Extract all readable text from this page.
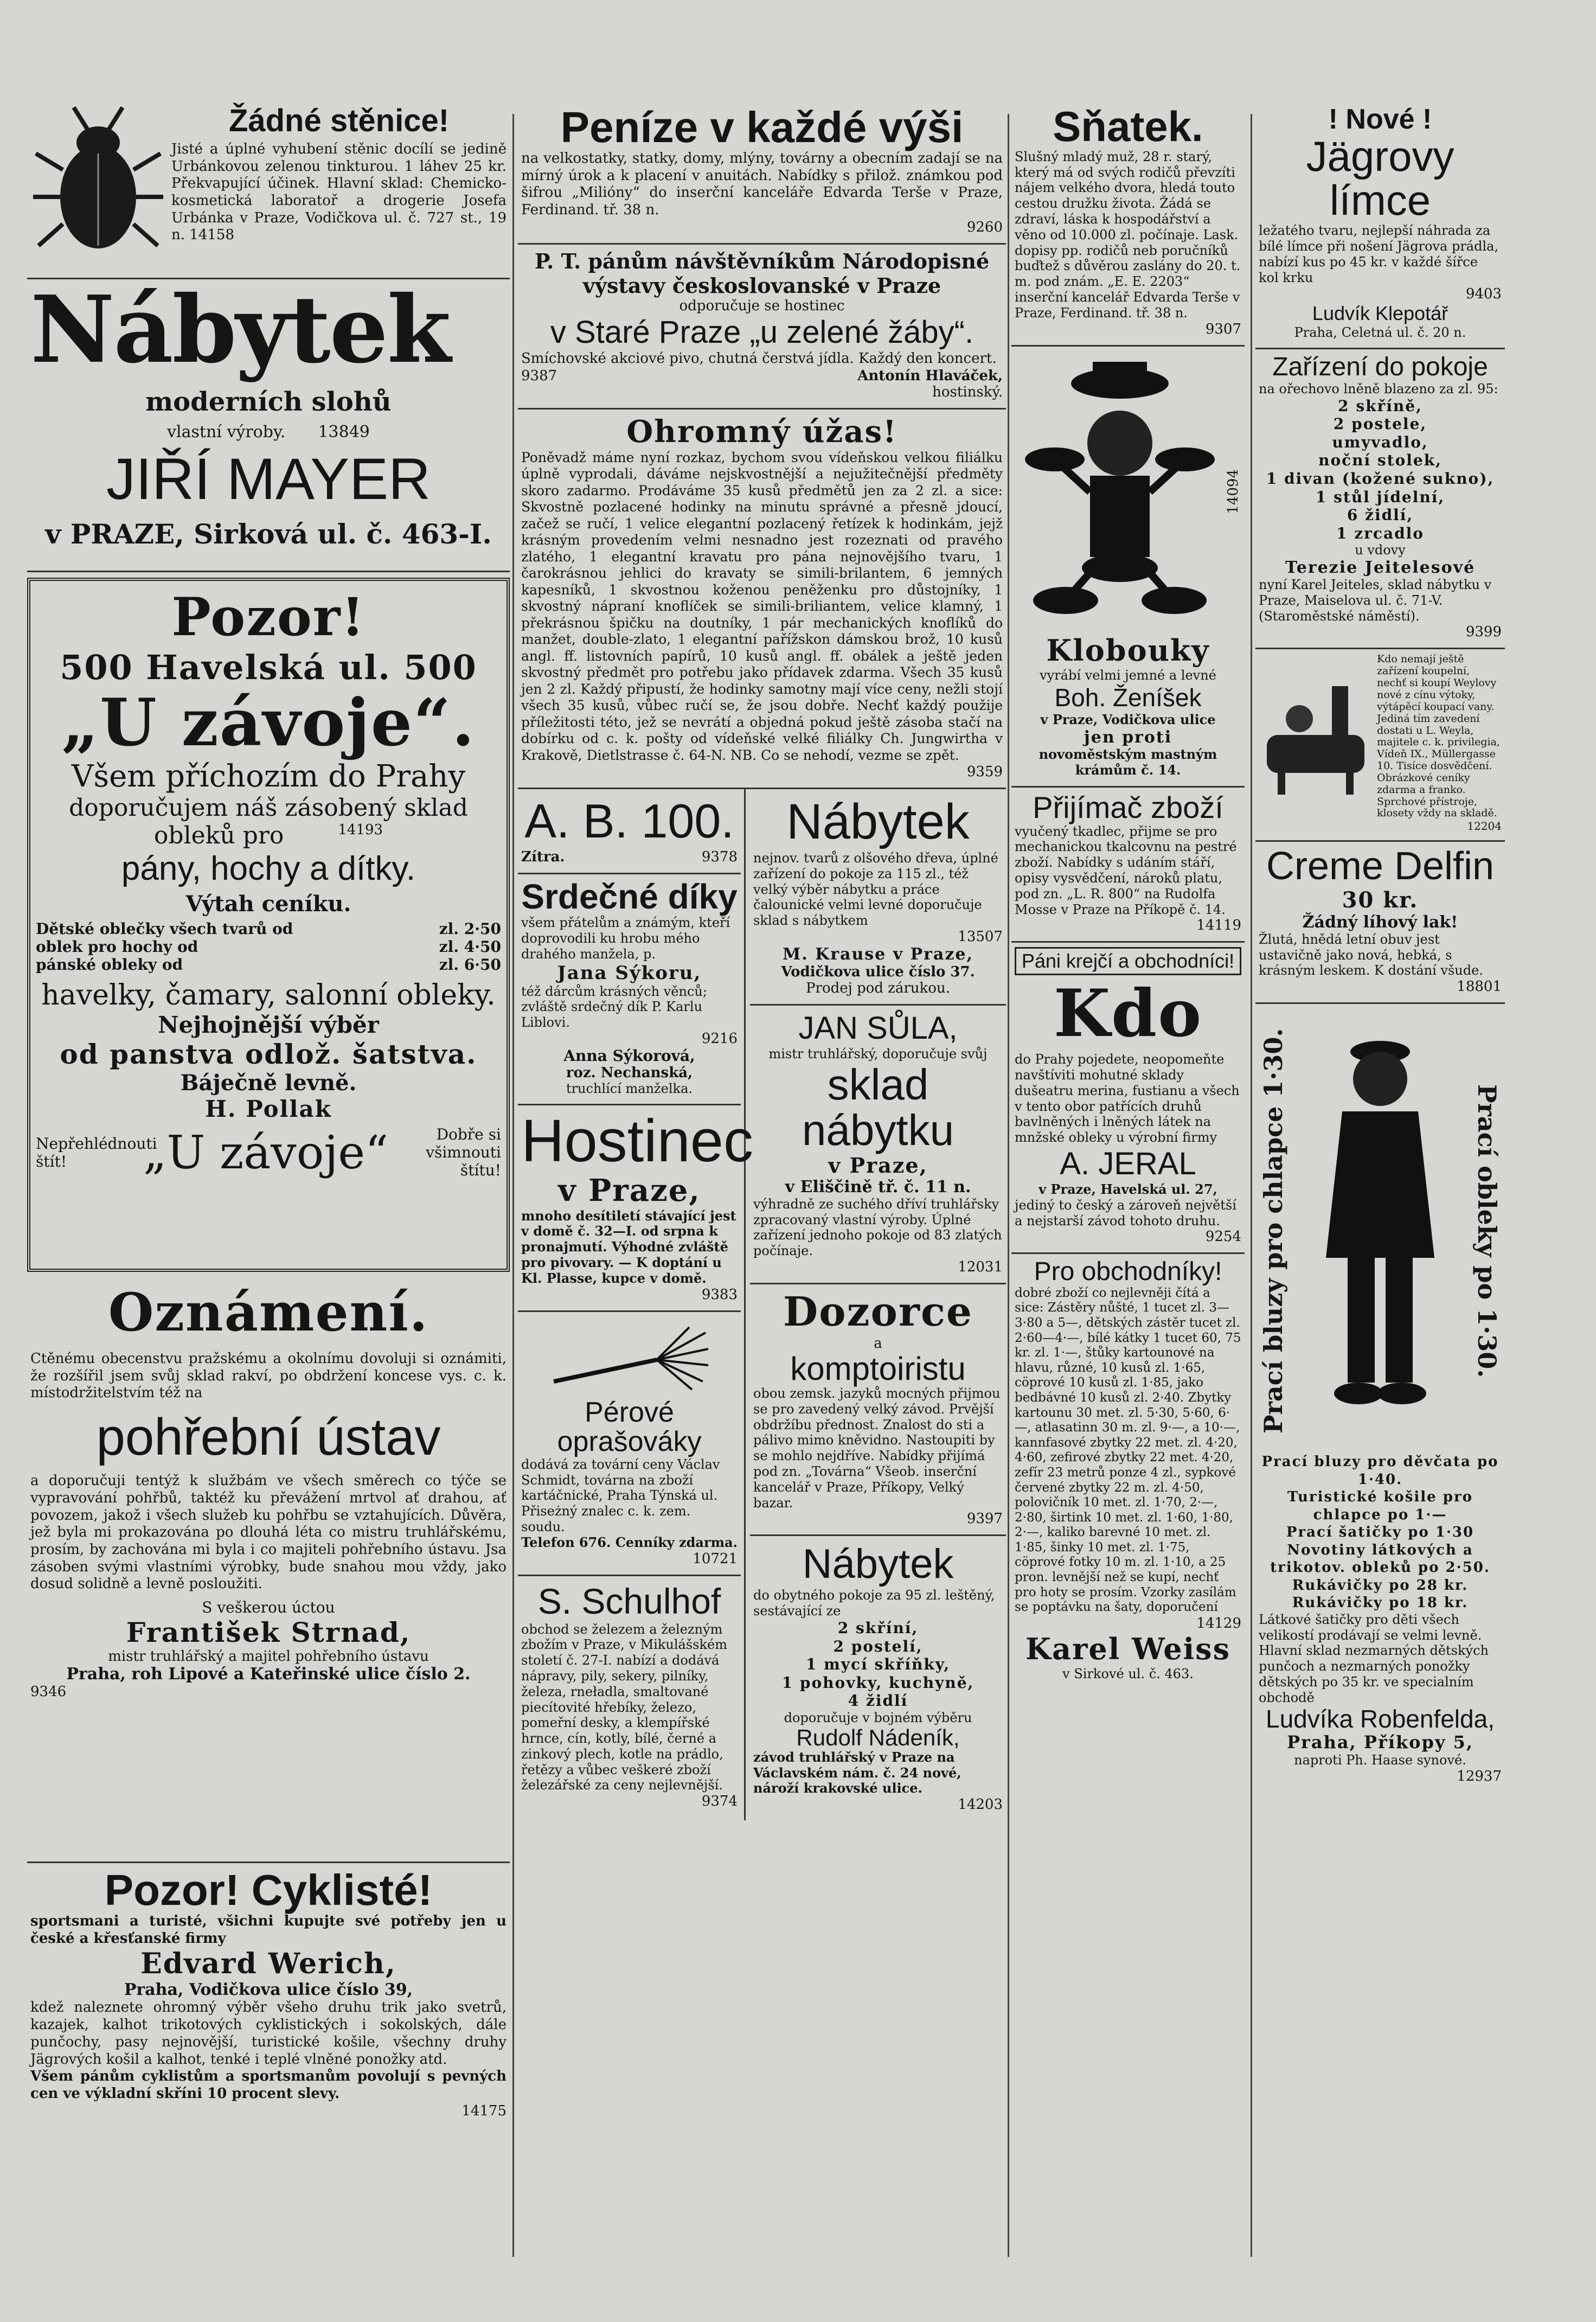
Žádné stěnice!
Jisté a úplné vyhubení stěnic docílí se jedině Urbánkovou zelenou tinkturou. 1 láhev 25 kr. Překvapující účinek. Hlavní sklad: Chemicko-kosmetická laboratoř a drogerie Josefa Urbánka v Praze, Vodičkova ul. č. 727 st., 19 n. 14158
Nábytek
moderních slohů
vlastní výroby. 13849
JIŘÍ MAYER
v PRAZE, Sirková ul. č. 463-I.
Pozor!
500 Havelská ul. 500
„U závoje“.
Všem příchozím do Prahy
doporučujem náš zásobený sklad
obleků pro	14193
pány, hochy a dítky.
Výtah ceníku.
Dětské oblečky všech tvarů od	zl. 2·50
oblek pro hochy od	zl. 4·50
pánské obleky od	zl. 6·50
havelky, čamary, salonní obleky.
Nejhojnější výběr
od panstva odlož. šatstva.
Báječně levně.
H. Pollak
Nepřehlédnouti štít!	„U závoje“	Dobře si všimnouti štítu!
Oznámení.
Ctěnému obecenstvu pražskému a okolnímu dovoluji si oznámiti, že rozšířil jsem svůj sklad rakví, po obdržení koncese vys. c. k. místodržitelstvím též na
pohřební ústav
a doporučuji tentýž k službám ve všech směrech co týče se vypravování pohřbů, taktéž ku převážení mrtvol ať drahou, ať povozem, jakož i všech služeb ku pohřbu se vztahujících. Důvěra, jež byla mi prokazována po dlouhá léta co mistru truhlářskému, prosím, by zachována mi byla i co majiteli pohřebního ústavu. Jsa zásoben svými vlastními výrobky, bude snahou mou vždy, jako dosud solidně a levně posloužiti.
S veškerou úctou
František Strnad,
mistr truhlářský a majitel pohřebního ústavu
Praha, roh Lipové a Kateřinské ulice číslo 2.
9346
Pozor! Cyklisté!
sportsmani a turisté, všichni kupujte své potřeby jen u české a křesťanské firmy
Edvard Werich,
Praha, Vodičkova ulice číslo 39,
kdež naleznete ohromný výběr všeho druhu trik jako svetrů, kazajek, kalhot trikotových cyklistických i sokolských, dále punčochy, pasy nejnovější, turistické košile, všechny druhy Jägrových košil a kalhot, tenké i teplé vlněné ponožky atd.
Všem pánům cyklistům a sportsmanům povolují s pevných cen ve výkladní skříni 10 procent slevy.
14175
Peníze v každé výši
na velkostatky, statky, domy, mlýny, továrny a obecním zadají se na mírný úrok a k placení v anuitách. Nabídky s přilož. známkou pod šifrou „Milióny“ do inserční kanceláře Edvarda Terše v Praze, Ferdinand. tř. 38 n.
9260
P. T. pánům návštěvníkům Národopisné výstavy českoslovanské v Praze
odporučuje se hostinec
v Staré Praze „u zelené žáby“.
Smíchovské akciové pivo, chutná čerstvá jídla. Každý den koncert.
9387	Antonín Hlaváček,
hostinský.
Ohromný úžas!
Poněvadž máme nyní rozkaz, bychom svou vídeňskou velkou filiálku úplně vyprodali, dáváme nejskvostnější a nejužitečnější předměty skoro zadarmo. Prodáváme 35 kusů předmětů jen za 2 zl. a sice: Skvostně pozlacené hodinky na minutu správné a přesně jdoucí, začež se ručí, 1 velice elegantní pozlacený řetízek k hodinkám, jejž krásným provedením velmi nesnadno jest rozeznati od pravého zlatého, 1 elegantní kravatu pro pána nejnovějšího tvaru, 1 čarokrásnou jehlici do kravaty se simili-brilantem, 6 jemných kapesníků, 1 skvostnou koženou peněženku pro důstojníky, 1 skvostný nápraní knoflíček se simili-briliantem, velice klamný, 1 překrásnou špičku na doutníky, 1 pár mechanických knoflíků do manžet, double-zlato, 1 elegantní pařížskon dámskou brož, 10 kusů angl. ff. listovních papírů, 10 kusů angl. ff. obálek a ještě jeden skvostný předmět pro potřebu jako přídavek zdarma. Všech 35 kusů jen 2 zl. Každý připustí, že hodinky samotny mají více ceny, nežli stojí všech 35 kusů, vůbec ručí se, že jsou dobře. Nechť každý použije příležitosti této, jež se nevrátí a objedná pokud ještě zásoba stačí na dobírku od c. k. pošty od vídeňské velké filiálky Ch. Jungwirtha v Krakově, Dietlstrasse č. 64-N. NB. Co se nehodí, vezme se zpět.
9359
A. B. 100.
Zítra.	9378
Srdečné díky
všem přátelům a známým, kteří doprovodili ku hrobu mého drahého manžela, p.
Jana Sýkoru,
též dárcům krásných věnců; zvláště srdečný dík P. Karlu Liblovi.
9216
Anna Sýkorová,
roz. Nechanská,
truchlící manželka.
Hostinec
v Praze,
mnoho desítiletí stávající jest v domě č. 32—I. od srpna k pronajmutí. Výhodné zvláště pro pivovary. — K doptání u Kl. Plasse, kupce v domě.
9383
Pérové oprašováky
dodává za tovární ceny Václav Schmidt, továrna na zboží kartáčnické, Praha Týnská ul. Přiseżný znalec c. k. zem. soudu.
Telefon 676. Cenníky zdarma.
10721
S. Schulhof
obchod se železem a železným zbožím v Praze, v Mikulášském století č. 27-I. nabízí a dodává nápravy, pily, sekery, pilníky, železa, rneładla, smaltované piecítovité hřebíky, železo, pomeřní desky, a klempířské hrnce, cín, kotly, bílé, černé a zinkový plech, kotle na prádlo, řetězy a vůbec veškeré zboží železářské za ceny nejlevnější.
9374
Nábytek
nejnov. tvarů z olšového dřeva, úplné zařízení do pokoje za 115 zl., též velký výběr nábytku a práce čalounické velmi levné doporučuje sklad s nábytkem
13507
M. Krause v Praze,
Vodičkova ulice číslo 37.
Prodej pod zárukou.
JAN SŮLA,
mistr truhlářský, doporučuje svůj
sklad nábytku
v Praze,
v Eliščině tř. č. 11 n.
výhradně ze suchého dříví truhlářsky zpracovaný vlastní výroby. Úplné zařízení jednoho pokoje od 83 zlatých počínaje.
12031
Dozorce
a
komptoiristu
obou zemsk. jazyků mocných přijmou se pro zavedený velký závod. Prvější obdržíbu přednost. Znalost do sti a pálivo mimo kněvidno. Nastoupiti by se mohlo nejdříve. Nabídky přijímá pod zn. „Továrna“ Všeob. inserční kancelář v Praze, Příkopy, Velký bazar.
9397
Nábytek
do obytného pokoje za 95 zl. leštěný, sestávající ze
2 skříní,
2 postelí,
1 mycí skříňky,
1 pohovky, kuchyně,
4 židlí
doporučuje v bojném výběru
Rudolf Nádeník,
závod truhlářský v Praze na Václavském nám. č. 24 nové, nároží krakovské ulice.
14203
Sňatek.
Slušný mladý muž, 28 r. starý, který má od svých rodičů převzíti nájem velkého dvora, hledá touto cestou družku života. Žádá se zdraví, láska k hospodářství a věno od 10.000 zl. počínaje. Lask. dopisy pp. rodičů neb poručníků buďtež s důvěrou zaslány do 20. t. m. pod znám. „E. E. 2203“ inserční kancelář Edvarda Terše v Praze, Ferdinand. tř. 38 n.
9307
14094
Klobouky
vyrábí velmi jemné a levné
Boh. Ženíšek
v Praze, Vodičkova ulice
jen proti
novoměstským mastným krámům č. 14.
Přijímač zboží
vyučený tkadlec, přijme se pro mechanickou tkalcovnu na pestré zboží. Nabídky s udáním stáří, opisy vysvědčení, nároků platu, pod zn. „L. R. 800“ na Rudolfa Mosse v Praze na Příkopě č. 14.
14119
Páni krejčí a obchodníci!
Kdo
do Prahy pojedete, neopomeňte navštíviti mohutné sklady dušeatru merina, fustianu a všech v tento obor patřících druhů bavlněných i lněných látek na mnžské obleky u výrobní firmy
A. JERAL
v Praze, Havelská ul. 27,
jediný to český a zároveň největší a nejstarší závod tohoto druhu.
9254
Pro obchodníky!
dobré zboží co nejlevněji čítá a sice: Zástěry nůšté, 1 tucet zl. 3—3·80 a 5—, dětských zástěr tucet zl. 2·60—4·—, bílé kátky 1 tucet 60, 75 kr. zl. 1·—, štůky kartounové na hlavu, různé, 10 kusů zl. 1·65, cöprové 10 kusů zl. 1·85, jako bedbávné 10 kusů zl. 2·40. Zbytky kartounu 30 met. zl. 5·30, 5·60, 6·—, atlasatinn 30 m. zl. 9·—, a 10·—, kannfasové zbytky 22 met. zl. 4·20, 4·60, zefirové zbytky 22 met. 4·20, zefír 23 metrů ponze 4 zl., sypkové červené zbytky 22 m. zl. 4·50, polovičník 10 met. zl. 1·70, 2·—, 2·80, širtink 10 met. zl. 1·60, 1·80, 2·—, kaliko barevné 10 met. zl. 1·85, šinky 10 met. zl. 1·75, cöprové fotky 10 m. zl. 1·10, a 25 pron. levnější než se kupí, nechť pro hoty se prosím. Vzorky zasílám se poptávku na šaty, doporučení
14129
Karel Weiss
v Sirkové ul. č. 463.
! Nové !
Jägrovy límce
ležatého tvaru, nejlepší náhrada za bílé límce při nošení Jägrova prádla, nabízí kus po 45 kr. v každé šířce kol krku
9403
Ludvík Klepotář
Praha, Celetná ul. č. 20 n.
Zařízení do pokoje
na ořechovo lněně blazeno za zl. 95:
2 skříně,
2 postele,
umyvadlo,
noční stolek,
1 divan (kožené sukno),
1 stůl jídelní,
6 židlí,
1 zrcadlo
u vdovy
Terezie Jeitelesové
nyní Karel Jeiteles, sklad nábytku v Praze, Maiselova ul. č. 71-V. (Staroměstské náměstí).
9399
Kdo nemají ještě zařízení koupelní, nechť si koupí Weylovy nové z cínu výtoky, výtápěcí koupací vany. Jediná tím zavedení dostati u L. Weyla, majitele c. k. privilegia, Vídeň IX., Müllergasse 10. Tisíce dosvědčení. Obrázkové ceníky zdarma a franko. Sprchové přístroje, klosety vždy na skladě.
12204
Creme Delfin
30 kr.
Žádný líhový lak!
Žlutá, hnědá letní obuv jest ustavičně jako nová, hebká, s krásným leskem. K dostání všude.
18801
Prací bluzy pro chlapce 1·30.	Prací obleky po 1·30.
Prací bluzy pro děvčata po 1·40.
Turistické košile pro chlapce po 1·—
Prací šatičky po 1·30
Novotiny látkových a trikotov. obleků po 2·50.
Rukávičky po 28 kr.
Rukávičky po 18 kr.
Látkové šatičky pro děti všech velikostí prodávají se velmi levně. Hlavní sklad nezmarných dětských punčoch a nezmarných ponožky dětských po 35 kr. ve specialním obchodě
Ludvíka Robenfelda,
Praha, Příkopy 5,
naproti Ph. Haase synové.
12937
